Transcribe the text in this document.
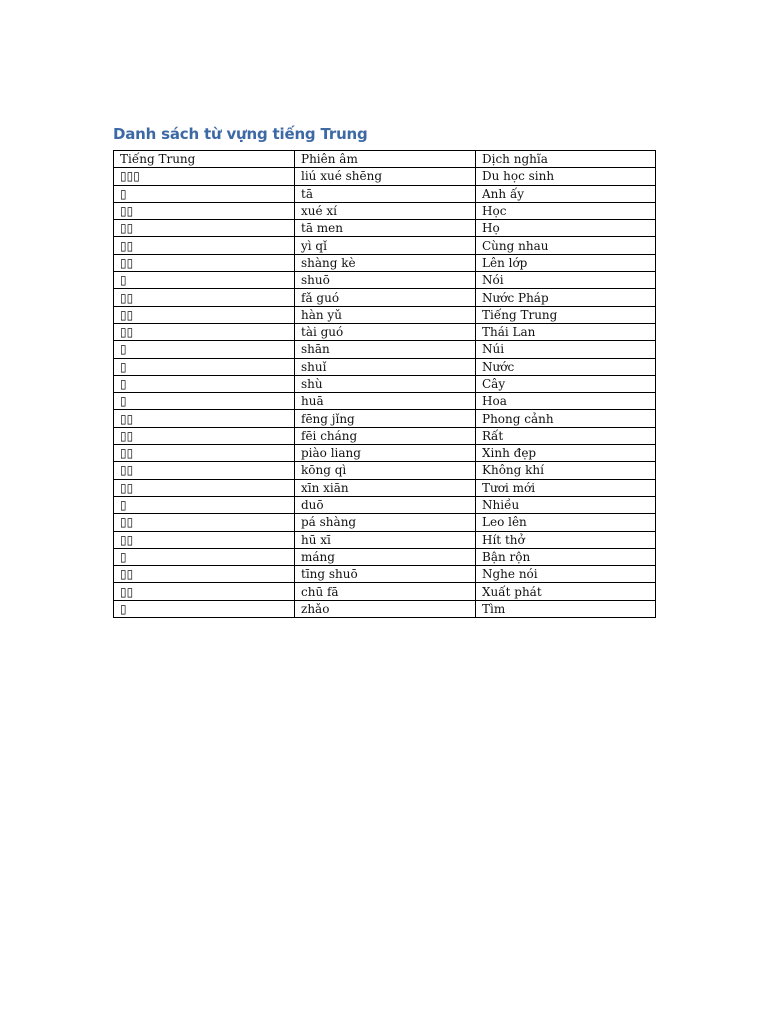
Danh sách từ vựng tiếng Trung
Tiếng Trung	Phiên âm	Dịch nghĩa
▯▯▯	liú xué shēng	Du học sinh
▯	tā	Anh ấy
▯▯	xué xí	Học
▯▯	tā men	Họ
▯▯	yì qǐ	Cùng nhau
▯▯	shàng kè	Lên lớp
▯	shuō	Nói
▯▯	fǎ guó	Nước Pháp
▯▯	hàn yǔ	Tiếng Trung
▯▯	tài guó	Thái Lan
▯	shān	Núi
▯	shuǐ	Nước
▯	shù	Cây
▯	huā	Hoa
▯▯	fēng jǐng	Phong cảnh
▯▯	fēi cháng	Rất
▯▯	piào liang	Xinh đẹp
▯▯	kōng qì	Không khí
▯▯	xīn xiān	Tươi mới
▯	duō	Nhiều
▯▯	pá shàng	Leo lên
▯▯	hū xī	Hít thở
▯	máng	Bận rộn
▯▯	tīng shuō	Nghe nói
▯▯	chū fā	Xuất phát
▯	zhǎo	Tìm
